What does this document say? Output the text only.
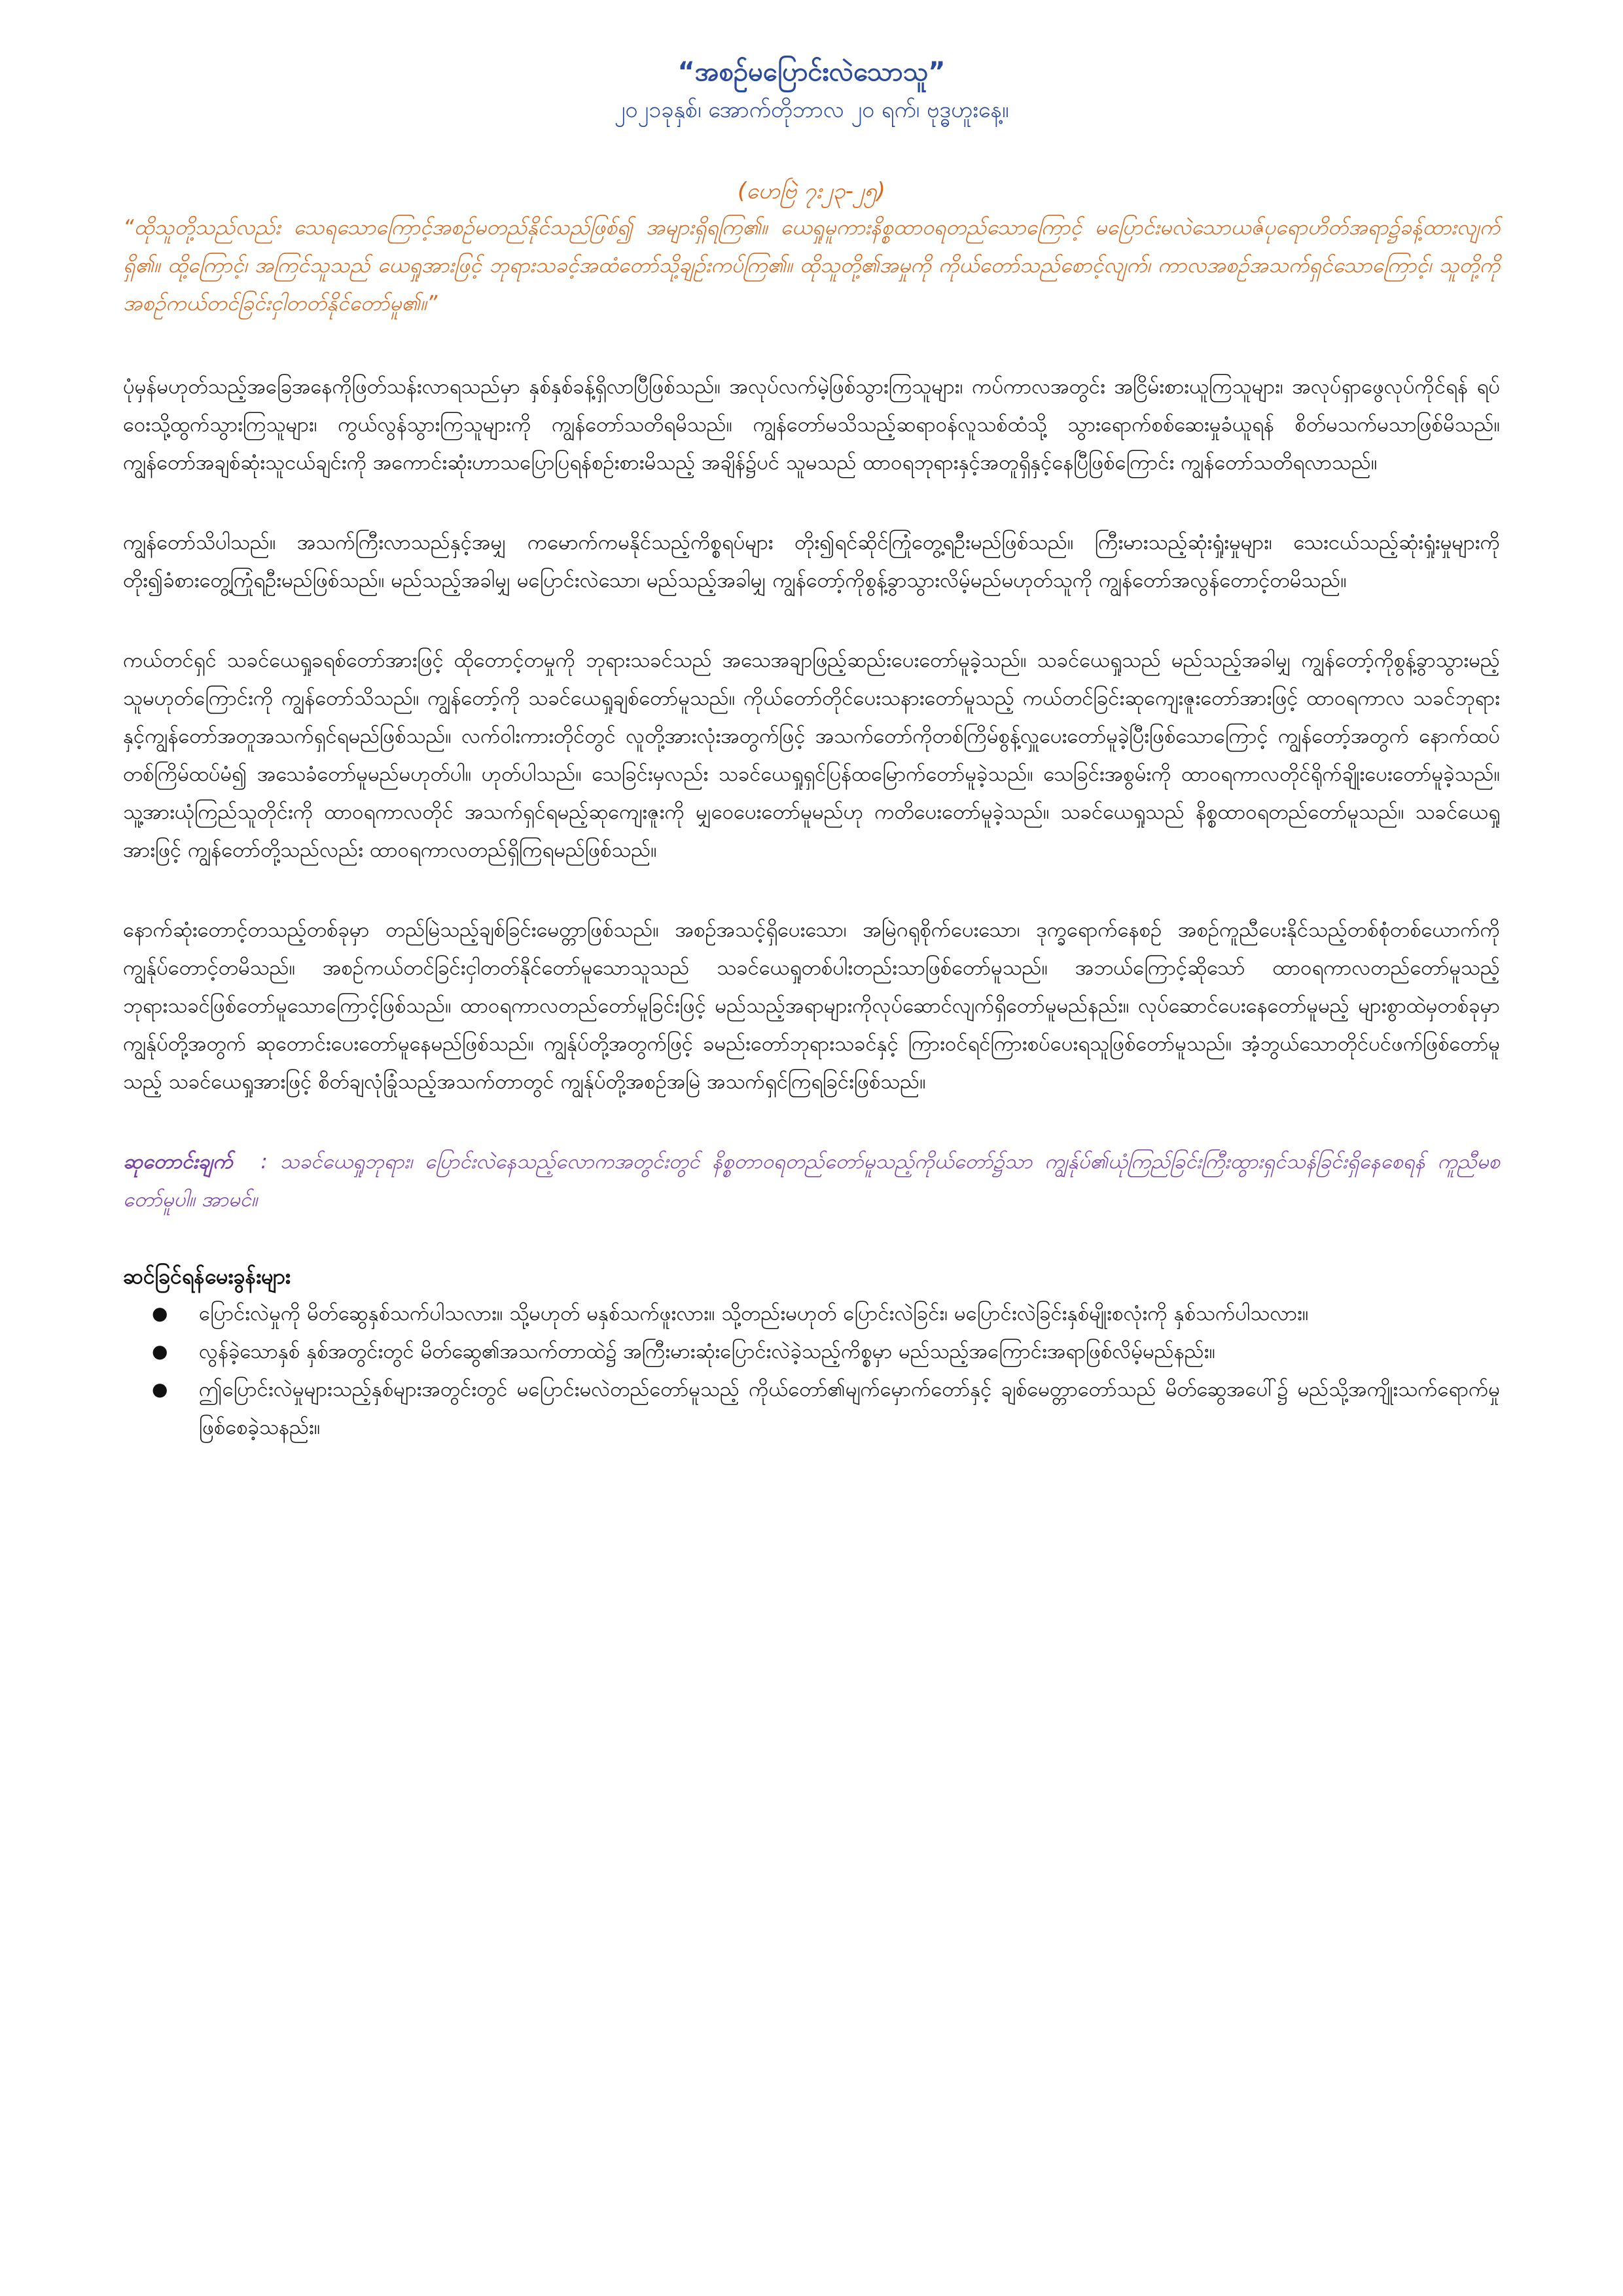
“အစဉ်မပြောင်းလဲသောသူ”

၂၀၂၁ခုနှစ်၊ အောက်တိုဘာလ ၂၀ ရက်၊ ဗုဒ္ဓဟူးနေ့။

(ဟေဗြဲ ၇း၂၃-၂၅)

“ထိုသူတို့သည်လည်း သေရသောကြောင့်အစဉ်မတည်နိုင်သည်ဖြစ်၍ အများရှိရကြ၏။ ယေရှုမူကားနိစ္စထာဝရတည်သောကြောင့် မပြောင်းမလဲသောယဇ်ပုရောဟိတ်အရာ၌ခန့်ထားလျက်ရှိ၏။ ထို့ကြောင့်၊ အကြင်သူသည် ယေရှုအားဖြင့် ဘုရားသခင့်အထံတော်သို့ချဉ်းကပ်ကြ၏။ ထိုသူတို့၏အမှုကို ကိုယ်တော်သည်စောင့်လျက်၊ ကာလအစဉ်အသက်ရှင်သောကြောင့်၊ သူတို့ကို အစဉ်ကယ်တင်ခြင်းငှါတတ်နိုင်တော်မူ၏။”

ပုံမှန်မဟုတ်သည့်အခြေအနေကိုဖြတ်သန်းလာရသည်မှာ နှစ်နှစ်ခန့်ရှိလာပြီဖြစ်သည်။ အလုပ်လက်မဲ့ဖြစ်သွားကြသူများ၊ ကပ်ကာလအတွင်း အငြိမ်းစားယူကြသူများ၊ အလုပ်ရှာဖွေလုပ်ကိုင်ရန် ရပ်ဝေးသို့ထွက်သွားကြသူများ၊ ကွယ်လွန်သွားကြသူများကို ကျွန်တော်သတိရမိသည်။ ကျွန်တော်မသိသည့်ဆရာဝန်လူသစ်ထံသို့ သွားရောက်စစ်ဆေးမှုခံယူရန် စိတ်မသက်မသာဖြစ်မိသည်။ ကျွန်တော်အချစ်ဆုံးသူငယ်ချင်းကို အကောင်းဆုံးဟာသပြောပြရန်စဉ်းစားမိသည့် အချိန်၌ပင် သူမသည် ထာဝရဘုရားနှင့်အတူရှိနှင့်နေပြီဖြစ်ကြောင်း ကျွန်တော်သတိရလာသည်။

ကျွန်တော်သိပါသည်။ အသက်ကြီးလာသည်နှင့်အမျှ ကမောက်ကမနိုင်သည့်ကိစ္စရပ်များ တိုး၍ရင်ဆိုင်ကြုံတွေ့ရဦးမည်ဖြစ်သည်။ ကြီးမားသည့်ဆုံးရှုံးမှုများ၊ သေးငယ်သည့်ဆုံးရှုံးမှုများကို တိုး၍ခံစားတွေ့ကြုံရဦးမည်ဖြစ်သည်။ မည်သည့်အခါမျှ မပြောင်းလဲသော၊ မည်သည့်အခါမျှ ကျွန်တော့်ကိုစွန့်ခွာသွားလိမ့်မည်မဟုတ်သူကို ကျွန်တော်အလွန်တောင့်တမိသည်။

ကယ်တင်ရှင် သခင်ယေရှုခရစ်တော်အားဖြင့် ထိုတောင့်တမှုကို ဘုရားသခင်သည် အသေအချာဖြည့်ဆည်းပေးတော်မူခဲ့သည်။ သခင်ယေရှုသည် မည်သည့်အခါမျှ ကျွန်တော့်ကိုစွန့်ခွာသွားမည့်သူမဟုတ်ကြောင်းကို ကျွန်တော်သိသည်။ ကျွန်တော့်ကို သခင်ယေရှုချစ်တော်မူသည်။ ကိုယ်တော်တိုင်ပေးသနားတော်မူသည့် ကယ်တင်ခြင်းဆုကျေးဇူးတော်အားဖြင့် ထာဝရကာလ သခင်ဘုရားနှင့်ကျွန်တော်အတူအသက်ရှင်ရမည်ဖြစ်သည်။ လက်ဝါးကားတိုင်တွင် လူတို့အားလုံးအတွက်ဖြင့် အသက်တော်ကိုတစ်ကြိမ်စွန့်လှူပေးတော်မူခဲ့ပြီးဖြစ်သောကြောင့် ကျွန်တော့်အတွက် နောက်ထပ်တစ်ကြိမ်ထပ်မံ၍ အသေခံတော်မူမည်မဟုတ်ပါ။ ဟုတ်ပါသည်။ သေခြင်းမှလည်း သခင်ယေရှုရှင်ပြန်ထမြောက်တော်မူခဲ့သည်။ သေခြင်းအစွမ်းကို ထာဝရကာလတိုင်ရိုက်ချိုးပေးတော်မူခဲ့သည်။ သူ့အားယုံကြည်သူတိုင်းကို ထာဝရကာလတိုင် အသက်ရှင်ရမည့်ဆုကျေးဇူးကို မျှဝေပေးတော်မူမည်ဟု ကတိပေးတော်မူခဲ့သည်။ သခင်ယေရှုသည် နိစ္စထာဝရတည်တော်မူသည်။ သခင်ယေရှုအားဖြင့် ကျွန်တော်တို့သည်လည်း ထာဝရကာလတည်ရှိကြရမည်ဖြစ်သည်။

နောက်ဆုံးတောင့်တသည့်တစ်ခုမှာ တည်မြဲသည့်ချစ်ခြင်းမေတ္တာဖြစ်သည်။ အစဉ်အသင့်ရှိပေးသော၊ အမြဲဂရုစိုက်ပေးသော၊ ဒုက္ခရောက်နေစဉ် အစဉ်ကူညီပေးနိုင်သည့်တစ်စုံတစ်ယောက်ကို ကျွန်ုပ်တောင့်တမိသည်။ အစဉ်ကယ်တင်ခြင်းငှါတတ်နိုင်တော်မူသောသူသည် သခင်ယေရှုတစ်ပါးတည်းသာဖြစ်တော်မူသည်။ အဘယ်ကြောင့်ဆိုသော် ထာဝရကာလတည်တော်မူသည့် ဘုရားသခင်ဖြစ်တော်မူသောကြောင့်ဖြစ်သည်။ ထာဝရကာလတည်တော်မူခြင်းဖြင့် မည်သည့်အရာများကိုလုပ်ဆောင်လျက်ရှိတော်မူမည်နည်း။ လုပ်ဆောင်ပေးနေတော်မူမည့် များစွာထဲမှတစ်ခုမှာ ကျွန်ုပ်တို့အတွက် ဆုတောင်းပေးတော်မူနေမည်ဖြစ်သည်။ ကျွန်ုပ်တို့အတွက်ဖြင့် ခမည်းတော်ဘုရားသခင်နှင့် ကြားဝင်ရင်ကြားစပ်ပေးရသူဖြစ်တော်မူသည်။ အံ့ဘွယ်သောတိုင်ပင်ဖက်ဖြစ်တော်မူသည့် သခင်ယေရှုအားဖြင့် စိတ်ချလုံခြုံသည့်အသက်တာတွင် ကျွန်ုပ်တို့အစဉ်အမြဲ အသက်ရှင်ကြရခြင်းဖြစ်သည်။

ဆုတောင်းချက် : သခင်ယေရှုဘုရား၊ ပြောင်းလဲနေသည့်လောကအတွင်းတွင် နိစ္စတာဝရတည်တော်မူသည့်ကိုယ်တော်၌သာ ကျွန်ုပ်၏ယုံကြည်ခြင်းကြီးထွားရှင်သန်ခြင်းရှိနေစေရန် ကူညီမစတော်မူပါ။ အာမင်။

ဆင်ခြင်ရန်မေးခွန်းများ

● ပြောင်းလဲမှုကို မိတ်ဆွေနှစ်သက်ပါသလား။ သို့မဟုတ် မနှစ်သက်ဖူးလား။ သို့တည်းမဟုတ် ပြောင်းလဲခြင်း၊ မပြောင်းလဲခြင်းနှစ်မျိုးစလုံးကို နှစ်သက်ပါသလား။
● လွန်ခဲ့သောနှစ် နှစ်အတွင်းတွင် မိတ်ဆွေ၏အသက်တာထဲ၌ အကြီးမားဆုံးပြောင်းလဲခဲ့သည့်ကိစ္စမှာ မည်သည့်အကြောင်းအရာဖြစ်လိမ့်မည်နည်း။
● ဤပြောင်းလဲမှုများသည့်နှစ်များအတွင်းတွင် မပြောင်းမလဲတည်တော်မူသည့် ကိုယ်တော်၏မျက်မှောက်တော်နှင့် ချစ်မေတ္တာတော်သည် မိတ်ဆွေအပေါ်၌ မည်သို့အကျိုးသက်ရောက်မှုဖြစ်စေခဲ့သနည်း။
